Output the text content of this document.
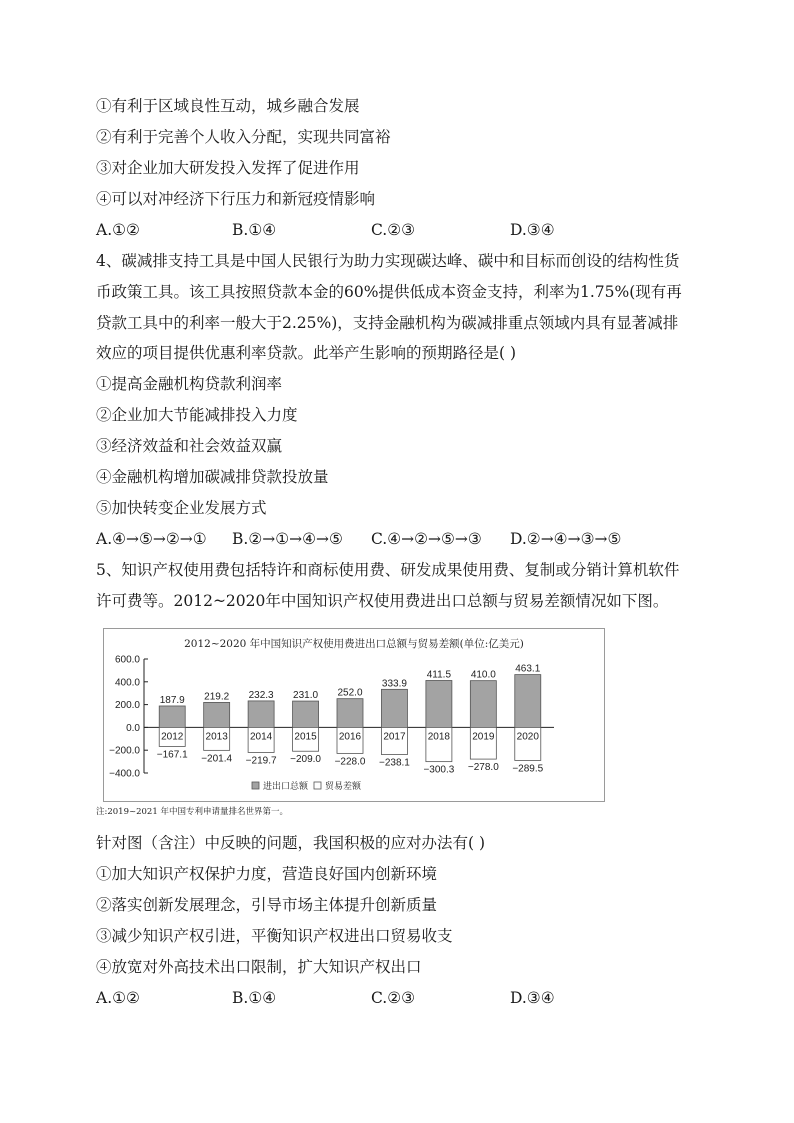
①有利于区域良性互动，城乡融合发展
②有利于完善个人收入分配，实现共同富裕
③对企业加大研发投入发挥了促进作用
④可以对冲经济下行压力和新冠疫情影响
A.①②	B.①④	C.②③	D.③④
4、碳减排支持工具是中国人民银行为助力实现碳达峰、碳中和目标而创设的结构性货
币政策工具。该工具按照贷款本金的60%提供低成本资金支持，利率为1.75%(现有再
贷款工具中的利率一般大于2.25%)，支持金融机构为碳减排重点领域内具有显著减排
效应的项目提供优惠利率贷款。此举产生影响的预期路径是( )
①提高金融机构贷款利润率
②企业加大节能减排投入力度
③经济效益和社会效益双赢
④金融机构增加碳减排贷款投放量
⑤加快转变企业发展方式
A.④→⑤→②→① B.②→①→④→⑤ C.④→②→⑤→③ D.②→④→③→⑤
5、知识产权使用费包括特许和商标使用费、研发成果使用费、复制或分销计算机软件
许可费等。2012~2020年中国知识产权使用费进出口总额与贸易差额情况如下图。
2012~2020 年中国知识产权使用费进出口总额与贸易差额(单位:亿美元)
600.0
400.0
200.0
0.0
−200.0
−400.0
187.9
2012
−167.1
219.2
2013
−201.4
232.3
2014
−219.7
231.0
2015
−209.0
252.0
2016
−228.0
333.9
2017
−238.1
411.5
2018
−300.3
410.0
2019
−278.0
463.1
2020
−289.5
进出口总额 贸易差额
注:2019~2021 年中国专利申请量排名世界第一。
针对图（含注）中反映的问题，我国积极的应对办法有( )
①加大知识产权保护力度，营造良好国内创新环境
②落实创新发展理念，引导市场主体提升创新质量
③减少知识产权引进，平衡知识产权进出口贸易收支
④放宽对外高技术出口限制，扩大知识产权出口
A.①②	B.①④	C.②③	D.③④
